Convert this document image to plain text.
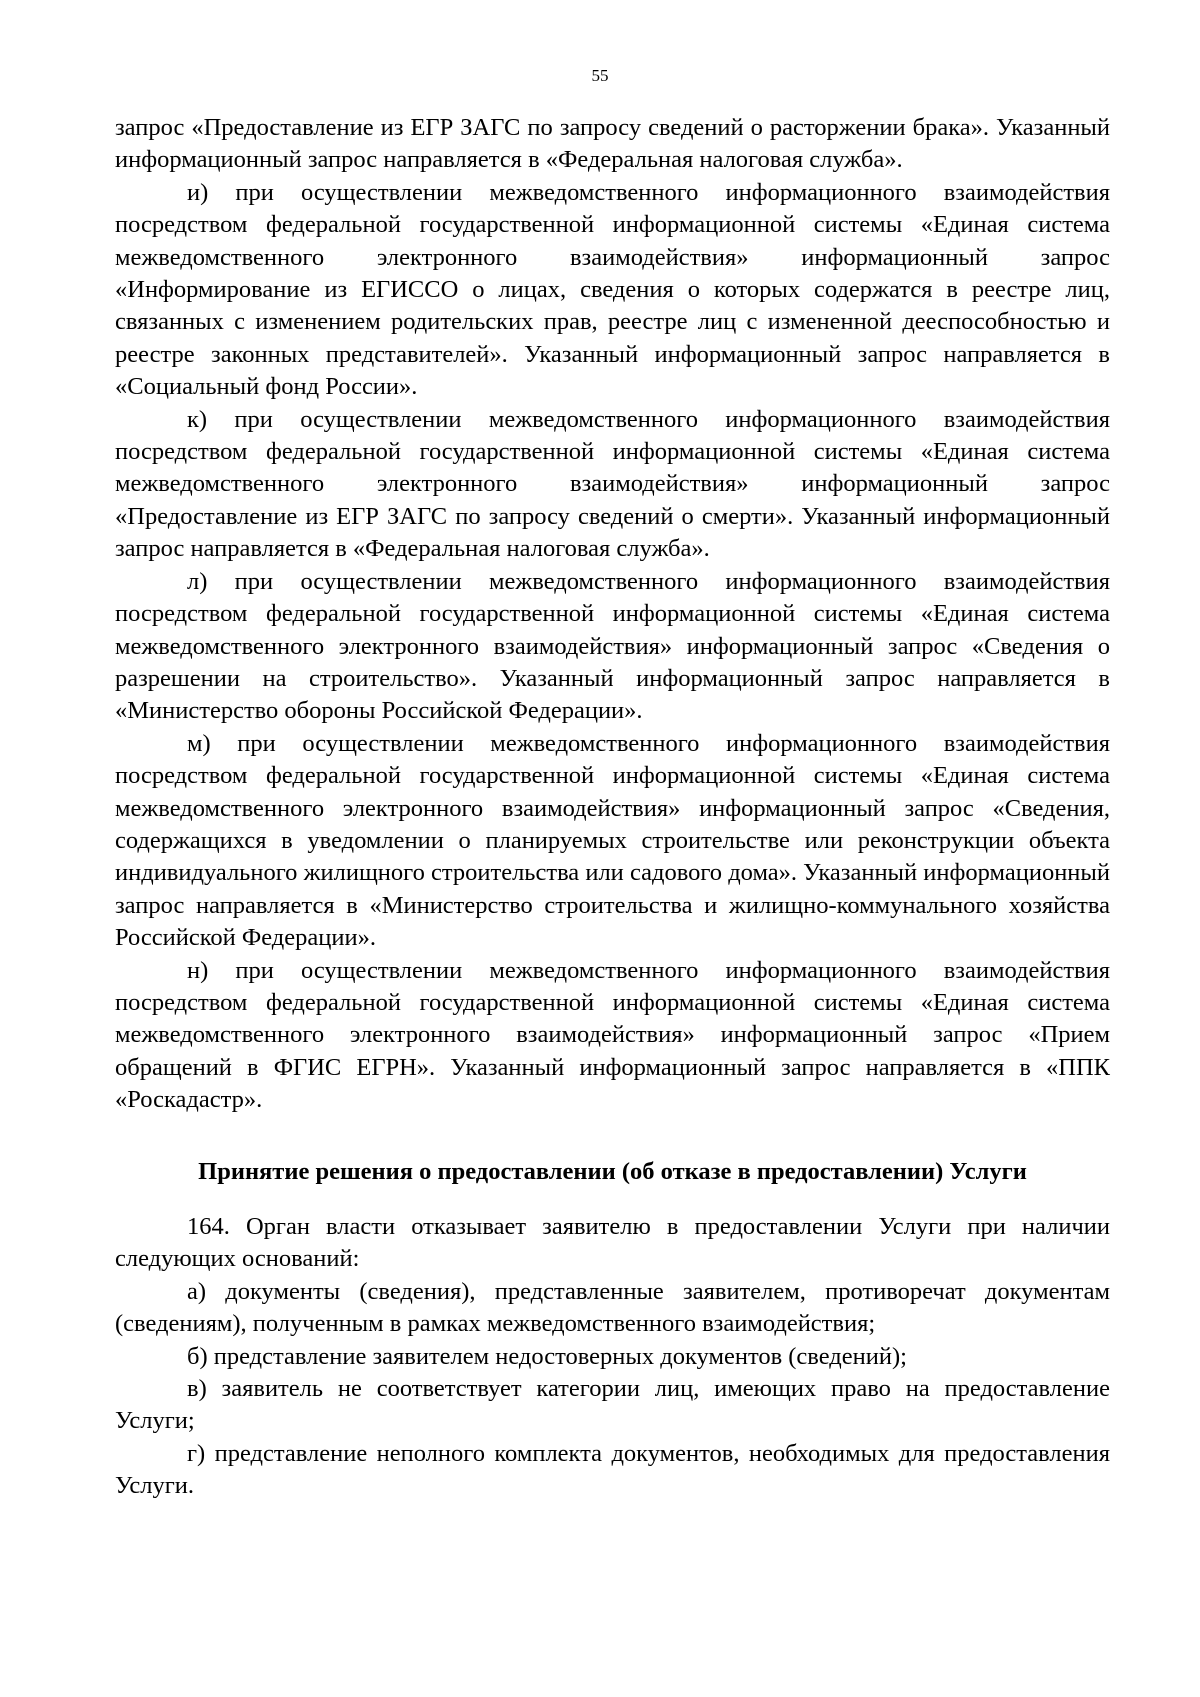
55

запрос «Предоставление из ЕГР ЗАГС по запросу сведений о расторжении брака». Указанный информационный запрос направляется в «Федеральная налоговая служба».

и) при осуществлении межведомственного информационного взаимодействия посредством федеральной государственной информационной системы «Единая система межведомственного электронного взаимодействия» информационный запрос «Информирование из ЕГИССО о лицах, сведения о которых содержатся в реестре лиц, связанных с изменением родительских прав, реестре лиц с измененной дееспособностью и реестре законных представителей». Указанный информационный запрос направляется в «Социальный фонд России».

к) при осуществлении межведомственного информационного взаимодействия посредством федеральной государственной информационной системы «Единая система межведомственного электронного взаимодействия» информационный запрос «Предоставление из ЕГР ЗАГС по запросу сведений о смерти». Указанный информационный запрос направляется в «Федеральная налоговая служба».

л) при осуществлении межведомственного информационного взаимодействия посредством федеральной государственной информационной системы «Единая система межведомственного электронного взаимодействия» информационный запрос «Сведения о разрешении на строительство». Указанный информационный запрос направляется в «Министерство обороны Российской Федерации».

м) при осуществлении межведомственного информационного взаимодействия посредством федеральной государственной информационной системы «Единая система межведомственного электронного взаимодействия» информационный запрос «Сведения, содержащихся в уведомлении о планируемых строительстве или реконструкции объекта индивидуального жилищного строительства или садового дома». Указанный информационный запрос направляется в «Министерство строительства и жилищно-коммунального хозяйства Российской Федерации».

н) при осуществлении межведомственного информационного взаимодействия посредством федеральной государственной информационной системы «Единая система межведомственного электронного взаимодействия» информационный запрос «Прием обращений в ФГИС ЕГРН». Указанный информационный запрос направляется в «ППК «Роскадастр».

Принятие решения о предоставлении (об отказе в предоставлении) Услуги

164. Орган власти отказывает заявителю в предоставлении Услуги при наличии следующих оснований:

а) документы (сведения), представленные заявителем, противоречат документам (сведениям), полученным в рамках межведомственного взаимодействия;

б) представление заявителем недостоверных документов (сведений);

в) заявитель не соответствует категории лиц, имеющих право на предоставление Услуги;

г) представление неполного комплекта документов, необходимых для предоставления Услуги.
